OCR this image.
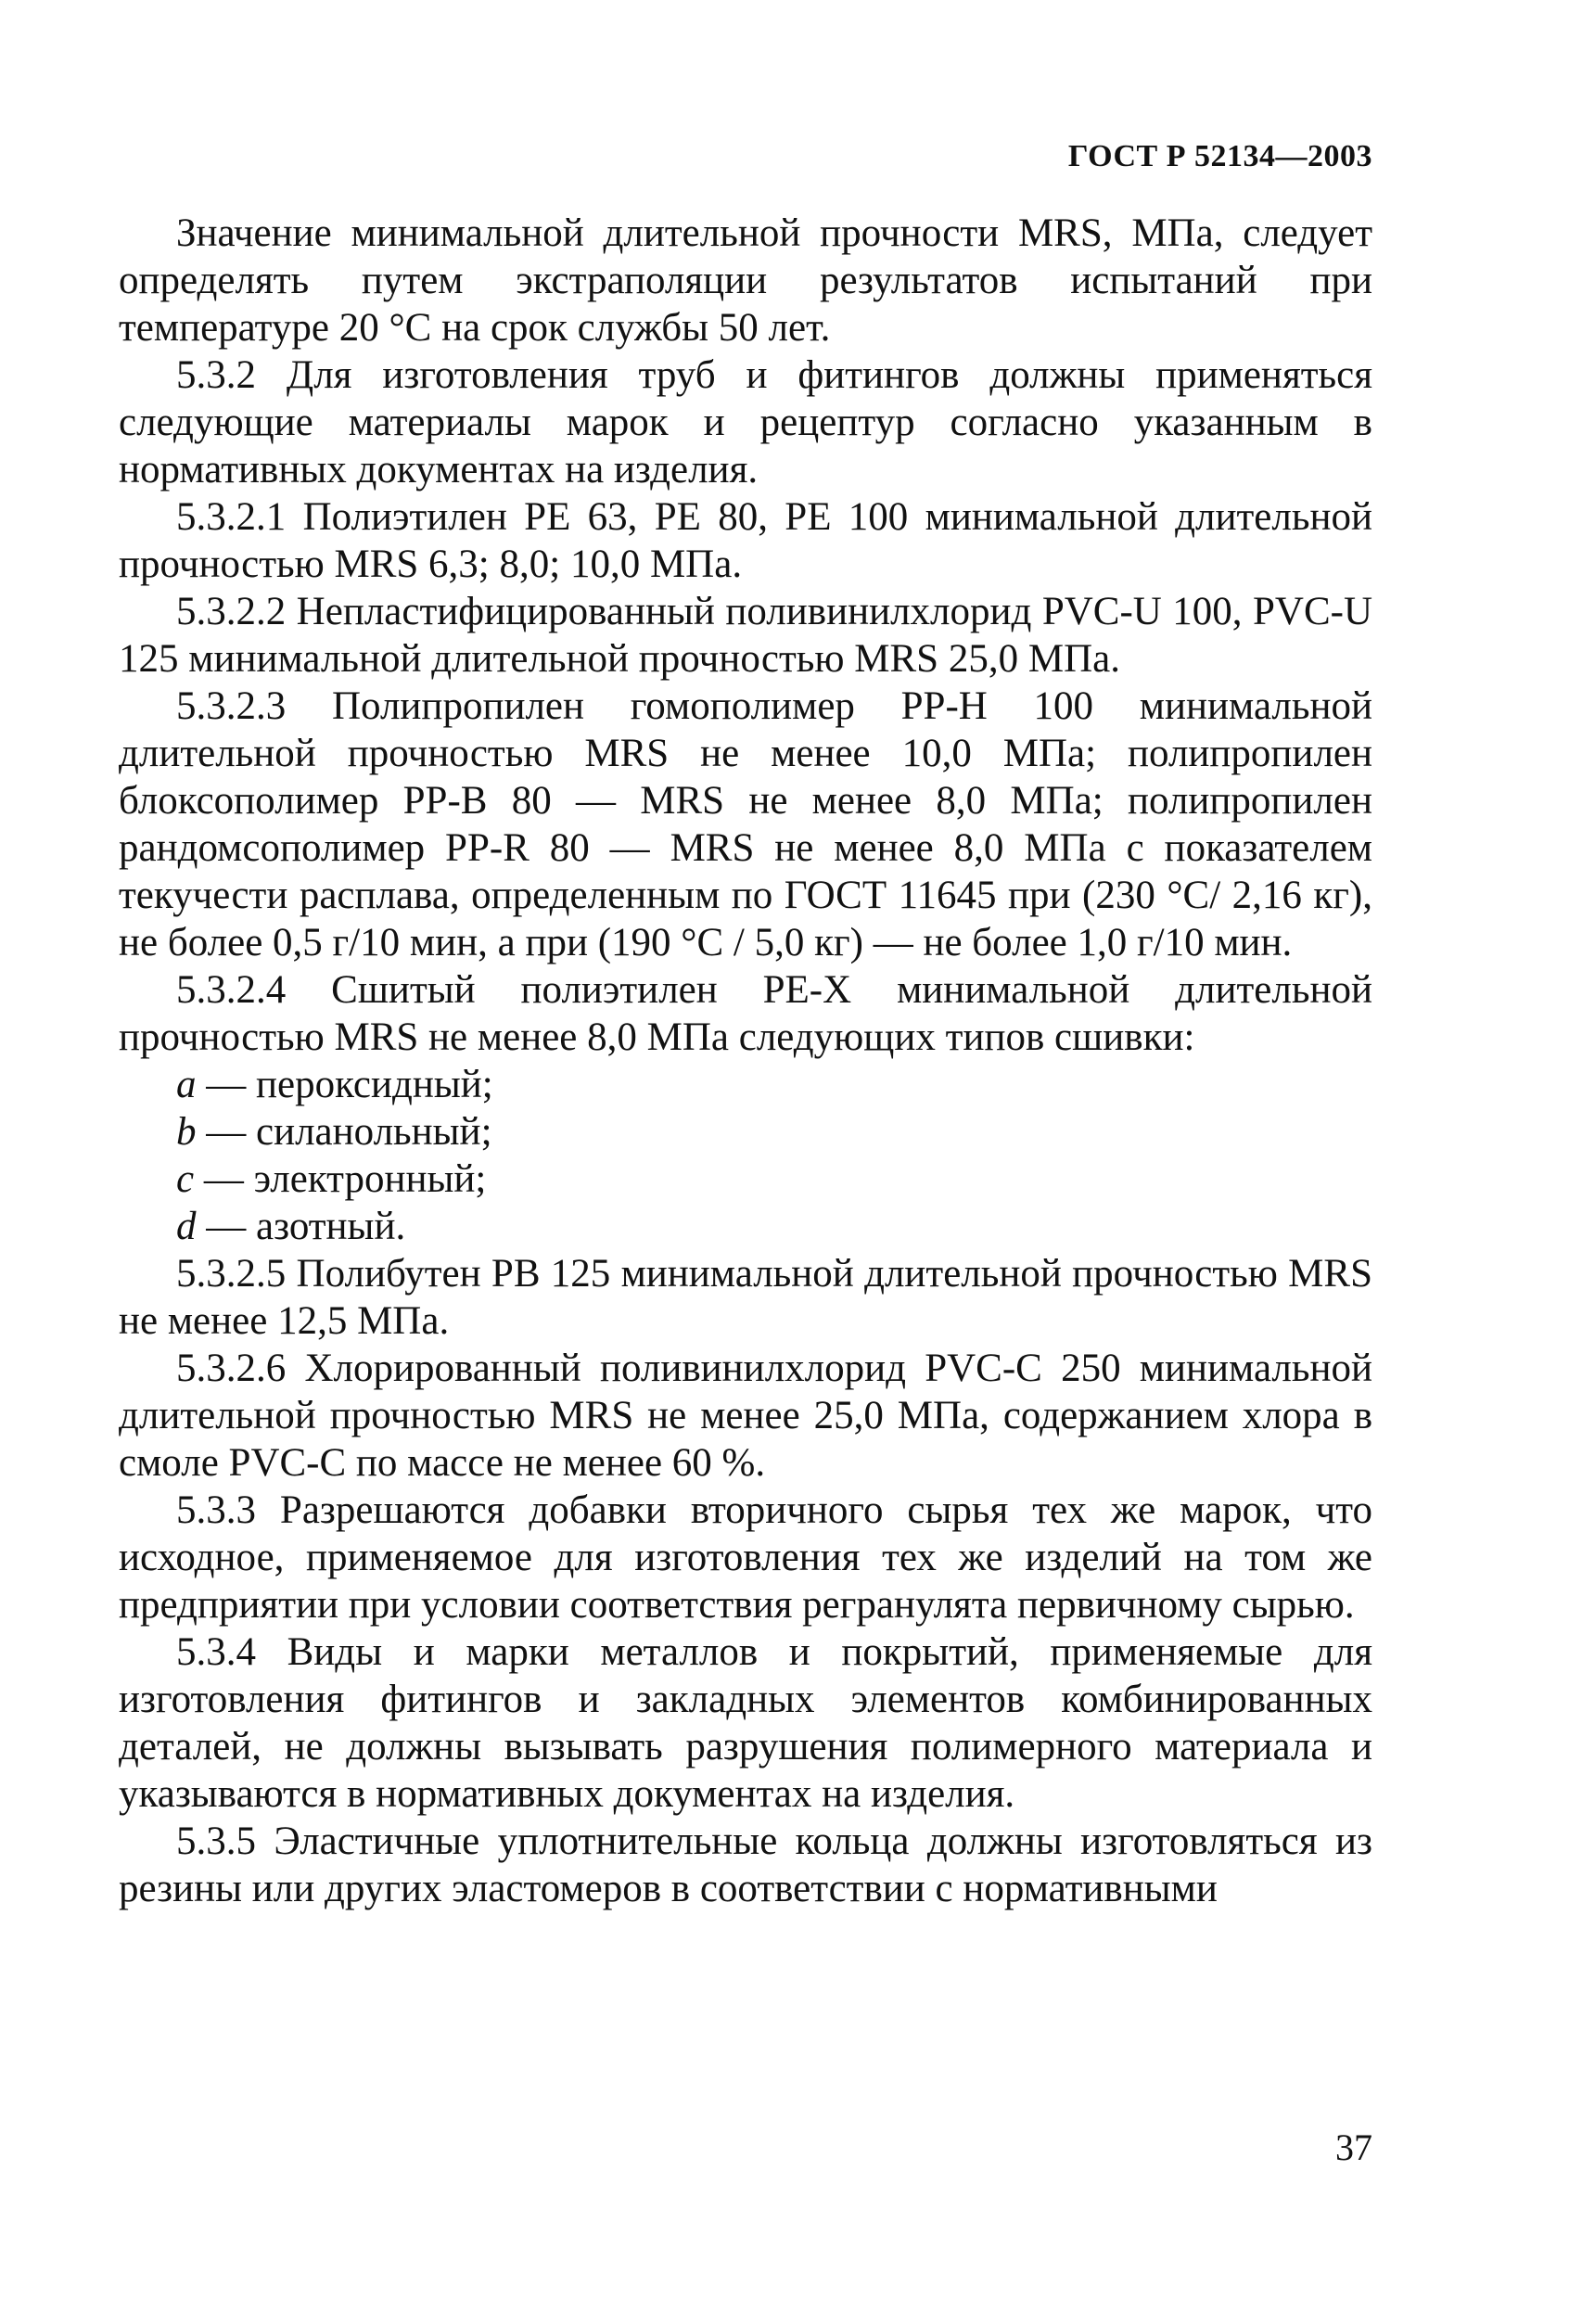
ГОСТ Р 52134—2003

Значение минимальной длительной прочности MRS, МПа, следует определять путем экстраполяции результатов испытаний при температуре 20 °С на срок службы 50 лет.

5.3.2 Для изготовления труб и фитингов должны применяться следующие материалы марок и рецептур согласно указанным в нормативных документах на изделия.

5.3.2.1 Полиэтилен РЕ 63, РЕ 80, РЕ 100 минимальной длительной прочностью MRS 6,3; 8,0; 10,0 МПа.

5.3.2.2 Непластифицированный поливинилхлорид PVC-U 100, PVC-U 125 минимальной длительной прочностью MRS 25,0 МПа.

5.3.2.3 Полипропилен гомополимер PP-H 100 минимальной длительной прочностью MRS не менее 10,0 МПа; полипропилен блоксополимер PP-B 80 — MRS не менее 8,0 МПа; полипропилен рандомсополимер PP-R 80 — MRS не менее 8,0 МПа с показателем текучести расплава, определенным по ГОСТ 11645 при (230 °С/ 2,16 кг), не более 0,5 г/10 мин, а при (190 °С / 5,0 кг) — не более 1,0 г/10 мин.

5.3.2.4 Сшитый полиэтилен PE-X минимальной длительной прочностью MRS не менее 8,0 МПа следующих типов сшивки:

a — пероксидный;

b — силанольный;

c — электронный;

d — азотный.

5.3.2.5 Полибутен РВ 125 минимальной длительной прочностью MRS не менее 12,5 МПа.

5.3.2.6 Хлорированный поливинилхлорид PVC-C 250 минимальной длительной прочностью MRS не менее 25,0 МПа, содержанием хлора в смоле PVC-C по массе не менее 60 %.

5.3.3 Разрешаются добавки вторичного сырья тех же марок, что исходное, применяемое для изготовления тех же изделий на том же предприятии при условии соответствия регранулята первичному сырью.

5.3.4 Виды и марки металлов и покрытий, применяемые для изготовления фитингов и закладных элементов комбинированных деталей, не должны вызывать разрушения полимерного материала и указываются в нормативных документах на изделия.

5.3.5 Эластичные уплотнительные кольца должны изготовляться из резины или других эластомеров в соответствии с нормативными

37
